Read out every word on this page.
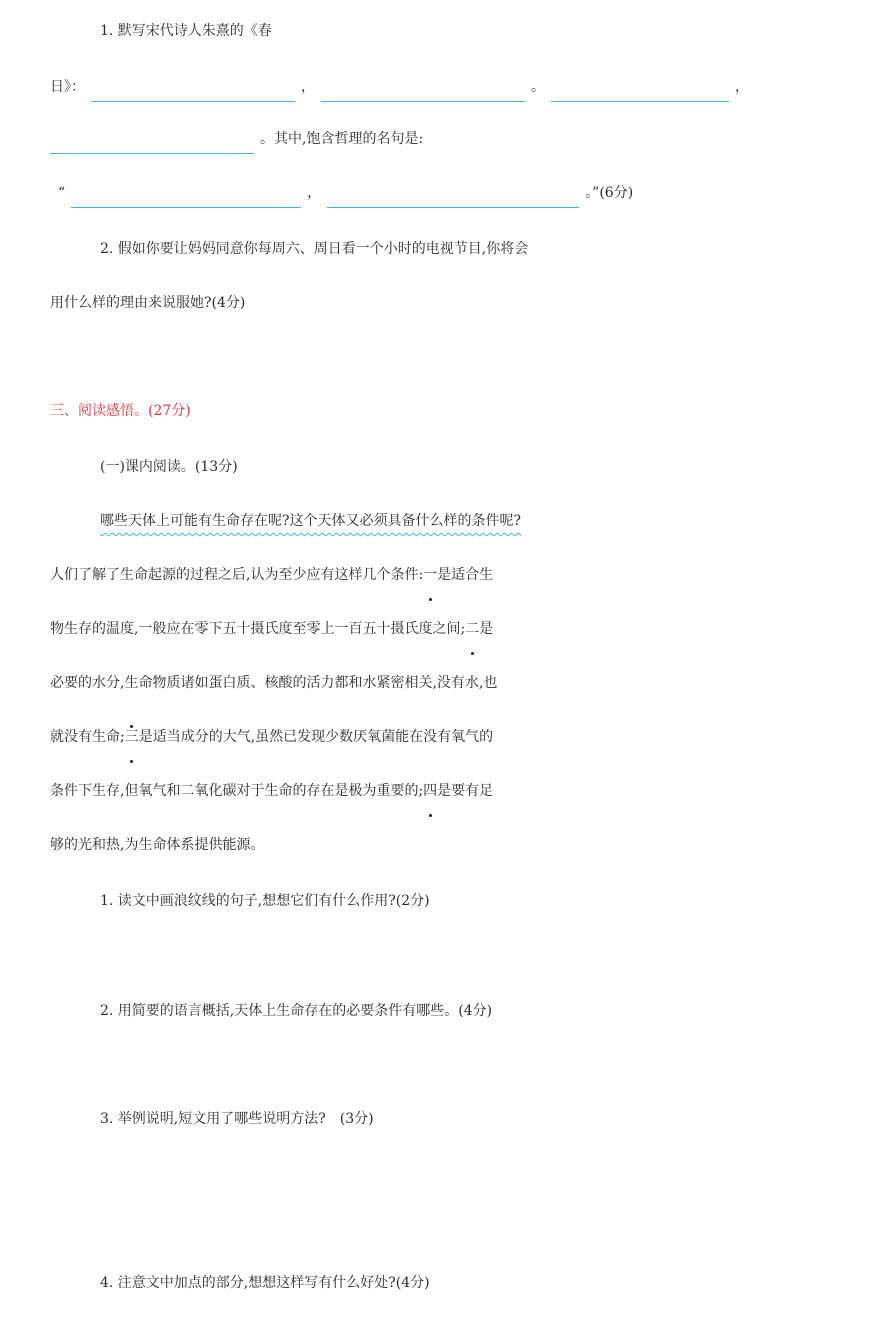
1. 默写宋代诗人朱熹的《春
日》：	，	。	，
。其中,饱含哲理的名句是:
“	，	。”(6分)
2. 假如你要让妈妈同意你每周六、周日看一个小时的电视节目,你将会
用什么样的理由来说服她?(4分)
三、阅读感悟。(27分)
(一)课内阅读。(13分)
哪些天体上可能有生命存在呢?这个天体又必须具备什么样的条件呢?
人们了解了生命起源的过程之后,认为至少应有这样几个条件:一是适合生
物生存的温度,一般应在零下五十摄氏度至零上一百五十摄氏度之间;二是
必要的水分,生命物质诸如蛋白质、核酸的活力都和水紧密相关,没有水,也
就没有生命;三是适当成分的大气,虽然已发现少数厌氧菌能在没有氧气的
条件下生存,但氧气和二氧化碳对于生命的存在是极为重要的;四是要有足
够的光和热,为生命体系提供能源。
1. 读文中画浪纹线的句子,想想它们有什么作用?(2分)
2. 用简要的语言概括,天体上生命存在的必要条件有哪些。(4分)
3. 举例说明,短文用了哪些说明方法?　(3分)
4. 注意文中加点的部分,想想这样写有什么好处?(4分)
